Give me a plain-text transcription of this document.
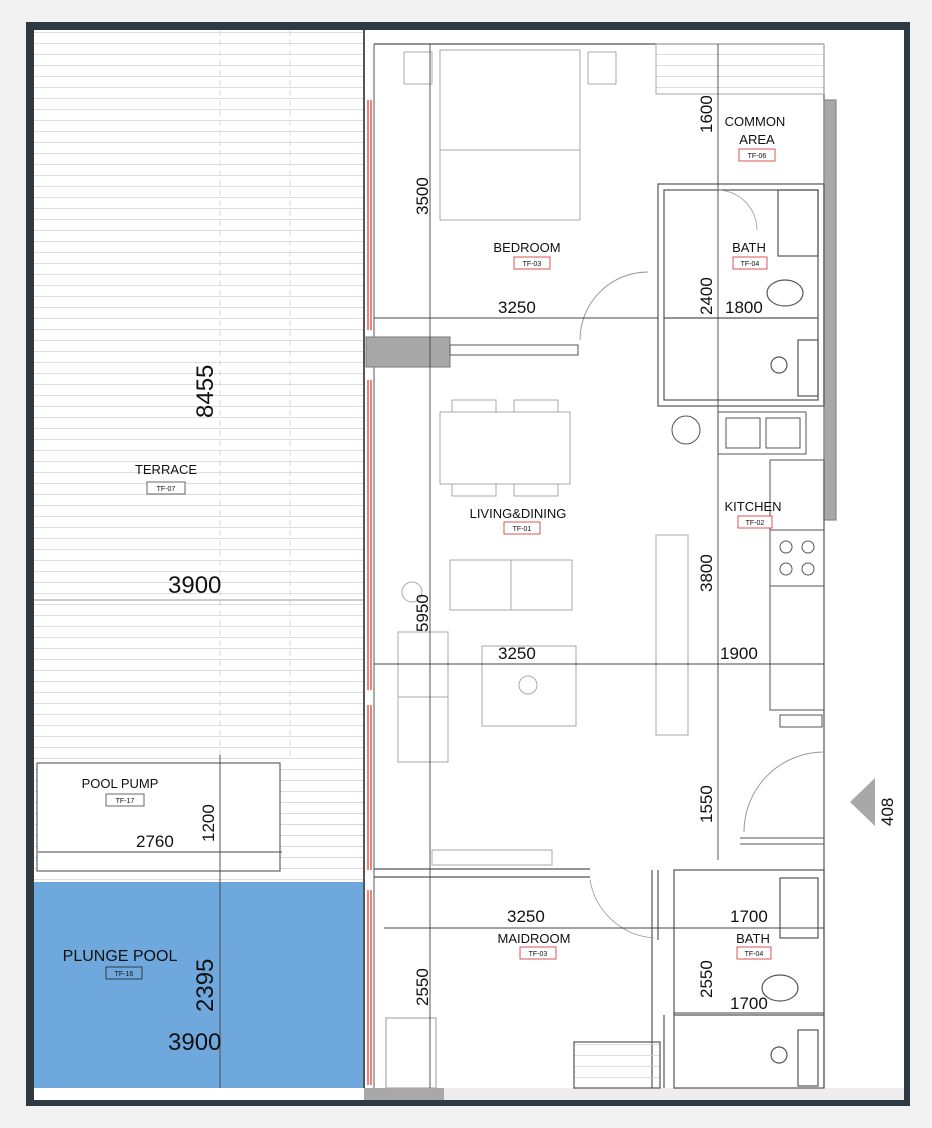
TERRACE
TF-07
POOL PUMP
TF-17
PLUNGE POOL
TF-16
BEDROOM
TF-03
COMMON
AREA
TF-06
BATH
TF-04
LIVING&DINING
TF-01
KITCHEN
TF-02
MAIDROOM
TF-03
BATH
TF-04
8455
3900
2760 1200
2395
3900
3500
3250
1600
2400 1800
5950
3250
3800
1900
1550
3250
2550
1700
2550
1700
408
